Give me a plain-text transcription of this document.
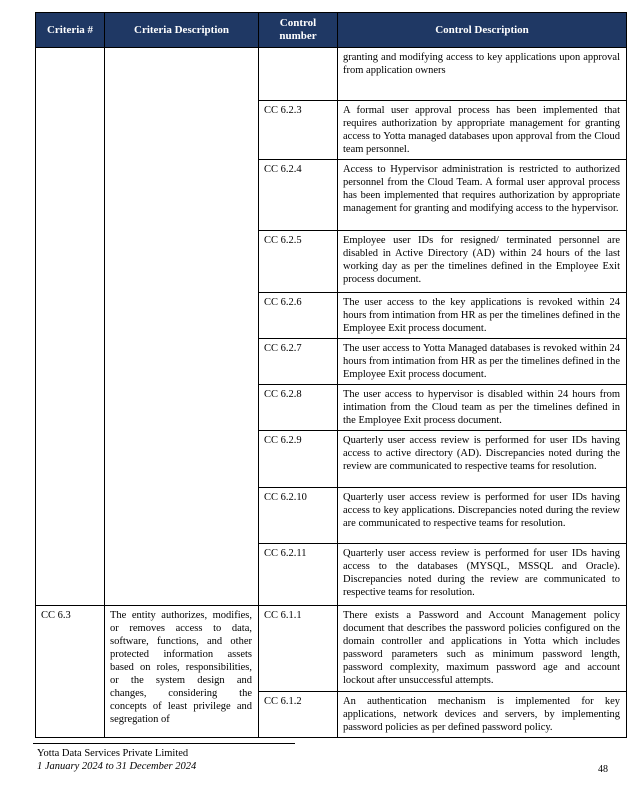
Criteria #	Criteria Description	Control number	Control Description
			granting and modifying access to key applications upon approval from application owners
		CC 6.2.3	A formal user approval process has been implemented that requires authorization by appropriate management for granting access to Yotta managed databases upon approval from the Cloud team personnel.
		CC 6.2.4	Access to Hypervisor administration is restricted to authorized personnel from the Cloud Team. A formal user approval process has been implemented that requires authorization by appropriate management for granting and modifying access to the hypervisor.
		CC 6.2.5	Employee user IDs for resigned/ terminated personnel are disabled in Active Directory (AD) within 24 hours of the last working day as per the timelines defined in the Employee Exit process document.
		CC 6.2.6	The user access to the key applications is revoked within 24 hours from intimation from HR as per the timelines defined in the Employee Exit process document.
		CC 6.2.7	The user access to Yotta Managed databases is revoked within 24 hours from intimation from HR as per the timelines defined in the Employee Exit process document.
		CC 6.2.8	The user access to hypervisor is disabled within 24 hours from intimation from the Cloud team as per the timelines defined in the Employee Exit process document.
		CC 6.2.9	Quarterly user access review is performed for user IDs having access to active directory (AD). Discrepancies noted during the review are communicated to respective teams for resolution.
		CC 6.2.10	Quarterly user access review is performed for user IDs having access to key applications. Discrepancies noted during the review are communicated to respective teams for resolution.
		CC 6.2.11	Quarterly user access review is performed for user IDs having access to the databases (MYSQL, MSSQL and Oracle). Discrepancies noted during the review are communicated to respective teams for resolution.
CC 6.3	The entity authorizes, modifies, or removes access to data, software, functions, and other protected information assets based on roles, responsibilities, or the system design and changes, considering the concepts of least privilege and segregation of	CC 6.1.1	There exists a Password and Account Management policy document that describes the password policies configured on the domain controller and applications in Yotta which includes password parameters such as minimum password length, password complexity, maximum password age and account lockout after unsuccessful attempts.
		CC 6.1.2	An authentication mechanism is implemented for key applications, network devices and servers, by implementing password policies as per defined password policy.
Yotta Data Services Private Limited
1 January 2024 to 31 December 2024	48
